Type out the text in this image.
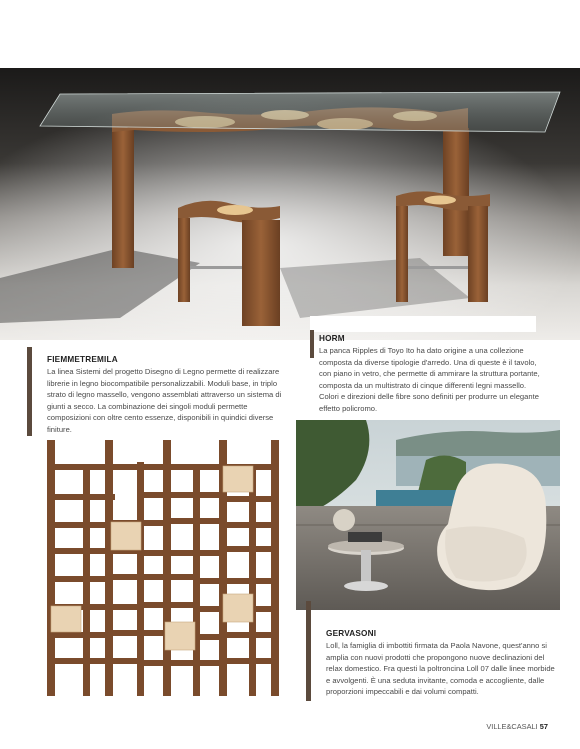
HORM
La panca Ripples di Toyo Ito ha dato origine a una collezione composta da diverse tipologie d'arredo. Una di queste è il tavolo, con piano in vetro, che permette di ammirare la struttura portante, composta da un multistrato di cinque differenti legni massello. Colori e direzioni delle fibre sono definiti per produrre un elegante effetto policromo.
FIEMMETREMILA
La linea Sistemi del progetto Disegno di Legno permette di realizzare librerie in legno biocompatibile personalizzabili. Moduli base, in triplo strato di legno massello, vengono assemblati attraverso un sistema di giunti a secco. La combinazione dei singoli moduli permette composizioni con oltre cento essenze, disponibili in quindici diverse finiture.
GERVASONI
Loll, la famiglia di imbottiti firmata da Paola Navone, quest'anno si amplia con nuovi prodotti che propongono nuove declinazioni del relax domestico. Fra questi la poltroncina Loll 07 dalle linee morbide e avvolgenti. È una seduta invitante, comoda e accogliente, dalle proporzioni impeccabili e dai volumi compatti.
VILLE&CASALI 57
